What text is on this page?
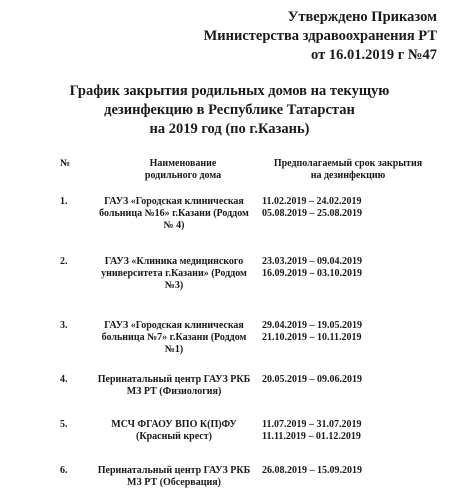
Утверждено Приказом
Министерства здравоохранения РТ
от 16.01.2019 г №47
График закрытия родильных домов на текущую
дезинфекцию в Республике Татарстан
на 2019 год (по г.Казань)
№	Наименование
родильного дома
Предполагаемый срок закрытия
на дезинфекцию
1.	ГАУЗ «Городская клиническая
больница №16» г.Казани (Роддом
№ 4)
11.02.2019 – 24.02.2019
05.08.2019 – 25.08.2019
2.	ГАУЗ «Клиника медицинского
университета г.Казани» (Роддом
№3)
23.03.2019 – 09.04.2019
16.09.2019 – 03.10.2019
3.	ГАУЗ «Городская клиническая
больница №7» г.Казани (Роддом
№1)
29.04.2019 – 19.05.2019
21.10.2019 – 10.11.2019
4.	Перинатальный центр ГАУЗ РКБ
МЗ РТ (Физиология)
20.05.2019 – 09.06.2019
5.	МСЧ ФГАОУ ВПО К(П)ФУ
(Красный крест)
11.07.2019 – 31.07.2019
11.11.2019 – 01.12.2019
6.	Перинатальный центр ГАУЗ РКБ
МЗ РТ (Обсервация)
26.08.2019 – 15.09.2019
